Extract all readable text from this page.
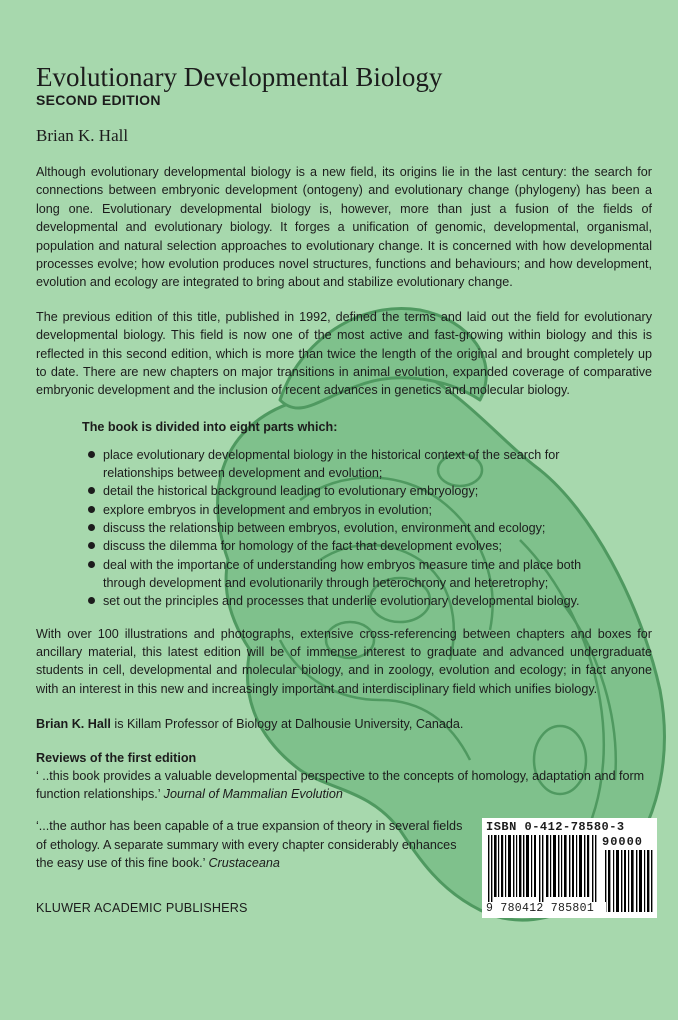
Evolutionary Developmental Biology
SECOND EDITION
Brian K. Hall

Although evolutionary developmental biology is a new field, its origins lie in the last century: the search for connections between embryonic development (ontogeny) and evolutionary change (phylogeny) has been a long one. Evolutionary developmental biology is, however, more than just a fusion of the fields of developmental and evolutionary biology. It forges a unification of genomic, developmental, organismal, population and natural selection approaches to evolutionary change. It is concerned with how developmental processes evolve; how evolution produces novel structures, functions and behaviours; and how development, evolution and ecology are integrated to bring about and stabilize evolutionary change.

The previous edition of this title, published in 1992, defined the terms and laid out the field for evolutionary developmental biology. This field is now one of the most active and fast-growing within biology and this is reflected in this second edition, which is more than twice the length of the original and brought completely up to date. There are new chapters on major transitions in animal evolution, expanded coverage of comparative embryonic development and the inclusion of recent advances in genetics and molecular biology.

The book is divided into eight parts which:
place evolutionary developmental biology in the historical context of the search for relationships between development and evolution;
detail the historical background leading to evolutionary embryology;
explore embryos in development and embryos in evolution;
discuss the relationship between embryos, evolution, environment and ecology;
discuss the dilemma for homology of the fact that development evolves;
deal with the importance of understanding how embryos measure time and place both through development and evolutionarily through heterochrony and heteretrophy;
set out the principles and processes that underlie evolutionary developmental biology.

With over 100 illustrations and photographs, extensive cross-referencing between chapters and boxes for ancillary material, this latest edition will be of immense interest to graduate and advanced undergraduate students in cell, developmental and molecular biology, and in zoology, evolution and ecology; in fact anyone with an interest in this new and increasingly important and interdisciplinary field which unifies biology.

Brian K. Hall is Killam Professor of Biology at Dalhousie University, Canada.

Reviews of the first edition

‘ ..this book provides a valuable developmental perspective to the concepts of homology, adaptation and form function relationships.’ Journal of Mammalian Evolution

‘...the author has been capable of a true expansion of theory in several fields of ethology. A separate summary with every chapter considerably enhances the easy use of this fine book.’ Crustaceana

KLUWER ACADEMIC PUBLISHERS
ISBN 0-412-78580-3
90000
9 780412 785801
